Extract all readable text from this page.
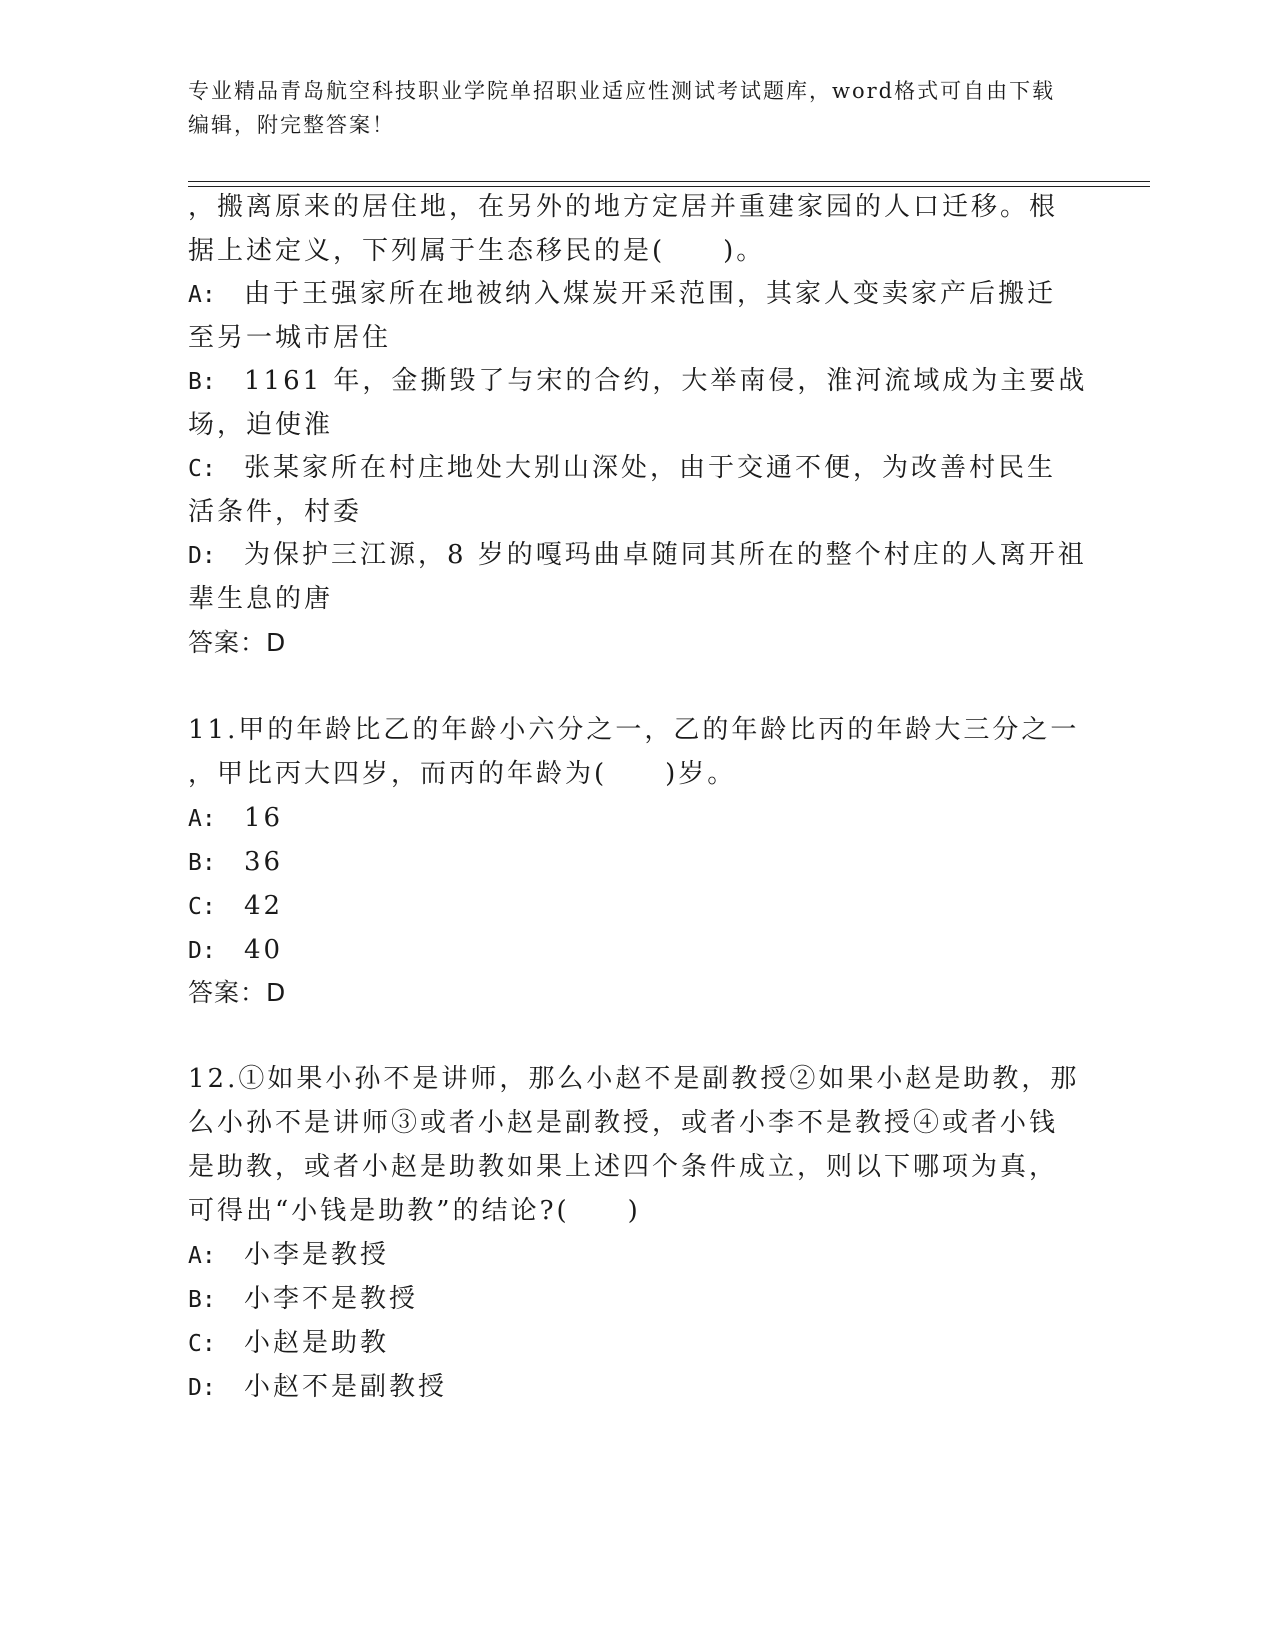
专业精品青岛航空科技职业学院单招职业适应性测试考试题库，word格式可自由下载编辑，附完整答案！
，搬离原来的居住地，在另外的地方定居并重建家园的人口迁移。根
据上述定义，下列属于生态移民的是(　　)。
A: 由于王强家所在地被纳入煤炭开采范围，其家人变卖家产后搬迁
至另一城市居住
B: 1161 年，金撕毁了与宋的合约，大举南侵，淮河流域成为主要战
场，迫使淮
C: 张某家所在村庄地处大别山深处，由于交通不便，为改善村民生
活条件，村委
D: 为保护三江源，8 岁的嘎玛曲卓随同其所在的整个村庄的人离开祖
辈生息的唐
答案：D
11.甲的年龄比乙的年龄小六分之一，乙的年龄比丙的年龄大三分之一
，甲比丙大四岁，而丙的年龄为(　　)岁。
A: 16
B: 36
C: 42
D: 40
答案：D
12.①如果小孙不是讲师，那么小赵不是副教授②如果小赵是助教，那
么小孙不是讲师③或者小赵是副教授，或者小李不是教授④或者小钱
是助教，或者小赵是助教如果上述四个条件成立，则以下哪项为真，
可得出“小钱是助教”的结论?(　　)
A: 小李是教授
B: 小李不是教授
C: 小赵是助教
D: 小赵不是副教授
